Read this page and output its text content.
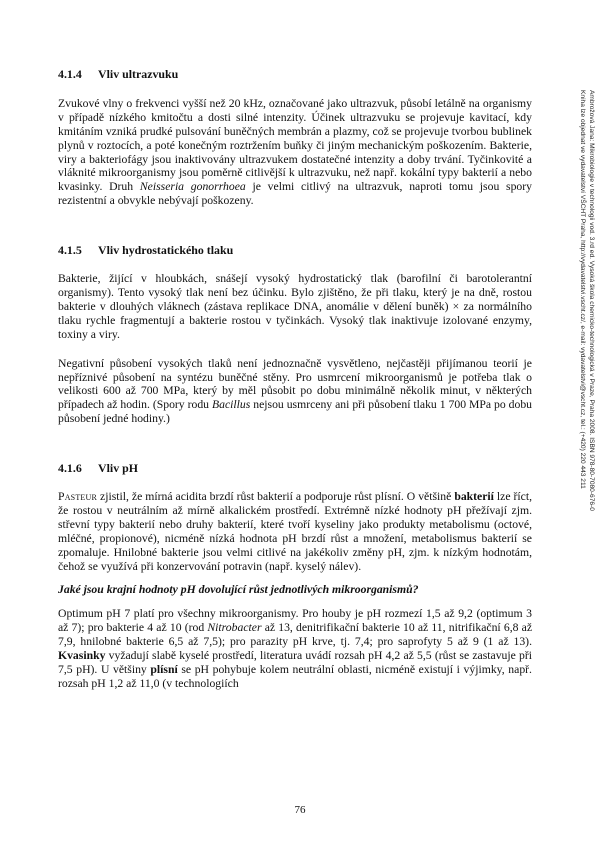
4.1.4 Vliv ultrazvuku

Zvukové vlny o frekvenci vyšší než 20 kHz, označované jako ultrazvuk, působí letálně na organismy v případě nízkého kmitočtu a dosti silné intenzity. Účinek ultrazvuku se projevuje kavitací, kdy kmitáním vzniká prudké pulsování buněčných membrán a plazmy, což se projevuje tvorbou bublinek plynů v roztocích, a poté konečným roztržením buňky či jiným mechanickým poškozením. Bakterie, viry a bakteriofágy jsou inaktivovány ultrazvukem dostatečné intenzity a doby trvání. Tyčinkovité a vláknité mikroorganismy jsou poměrně citlivější k ultrazvuku, než např. kokální typy bakterií a nebo kvasinky. Druh Neisseria gonorrhoea je velmi citlivý na ultrazvuk, naproti tomu jsou spory rezistentní a obvykle nebývají poškozeny.

4.1.5 Vliv hydrostatického tlaku

Bakterie, žijící v hloubkách, snášejí vysoký hydrostatický tlak (barofilní či barotolerantní organismy). Tento vysoký tlak není bez účinku. Bylo zjištěno, že při tlaku, který je na dně, rostou bakterie v dlouhých vláknech (zástava replikace DNA, anomálie v dělení buněk) × za normálního tlaku rychle fragmentují a bakterie rostou v tyčinkách. Vysoký tlak inaktivuje izolované enzymy, toxiny a viry.

Negativní působení vysokých tlaků není jednoznačně vysvětleno, nejčastěji přijímanou teorií je nepříznivé působení na syntézu buněčné stěny. Pro usmrcení mikroorganismů je potřeba tlak o velikosti 600 až 700 MPa, který by měl působit po dobu minimálně několik minut, v některých případech až hodin. (Spory rodu Bacillus nejsou usmrceny ani při působení tlaku 1 700 MPa po dobu působení jedné hodiny.)

4.1.6 Vliv pH

Pasteur zjistil, že mírná acidita brzdí růst bakterií a podporuje růst plísní. O většině bakterií lze říct, že rostou v neutrálním až mírně alkalickém prostředí. Extrémně nízké hodnoty pH přežívají zjm. střevní typy bakterií nebo druhy bakterií, které tvoří kyseliny jako produkty metabolismu (octové, mléčné, propionové), nicméně nízká hodnota pH brzdí růst a množení, metabolismus bakterií se zpomaluje. Hnilobné bakterie jsou velmi citlivé na jakékoliv změny pH, zjm. k nízkým hodnotám, čehož se využívá při konzervování potravin (např. kyselý nálev).

Jaké jsou krajní hodnoty pH dovolující růst jednotlivých mikroorganismů?

Optimum pH 7 platí pro všechny mikroorganismy. Pro houby je pH rozmezí 1,5 až 9,2 (optimum 3 až 7); pro bakterie 4 až 10 (rod Nitrobacter až 13, denitrifikační bakterie 10 až 11, nitrifikační 6,8 až 7,9, hnilobné bakterie 6,5 až 7,5); pro parazity pH krve, tj. 7,4; pro saprofyty 5 až 9 (1 až 13). Kvasinky vyžadují slabě kyselé prostředí, literatura uvádí rozsah pH 4,2 až 5,5 (růst se zastavuje při 7,5 pH). U většiny plísní se pH pohybuje kolem neutrální oblasti, nicméně existují i výjimky, např. rozsah pH 1,2 až 11,0 (v technologiích

76
Ambrožová Jana: Mikrobiologie v technologii vod. 3.rd ed. Vysoká škola chemicko-technologická v Praze, Praha 2008. ISBN 978-80-7080-676-0
Kniha lze objednat ve vydavatelství VŠCHT Praha, http://vydavatelstvi.vscht.cz/, e-mail: vydavatelstvi@vscht.cz, tel.: (+420) 220 443 211
